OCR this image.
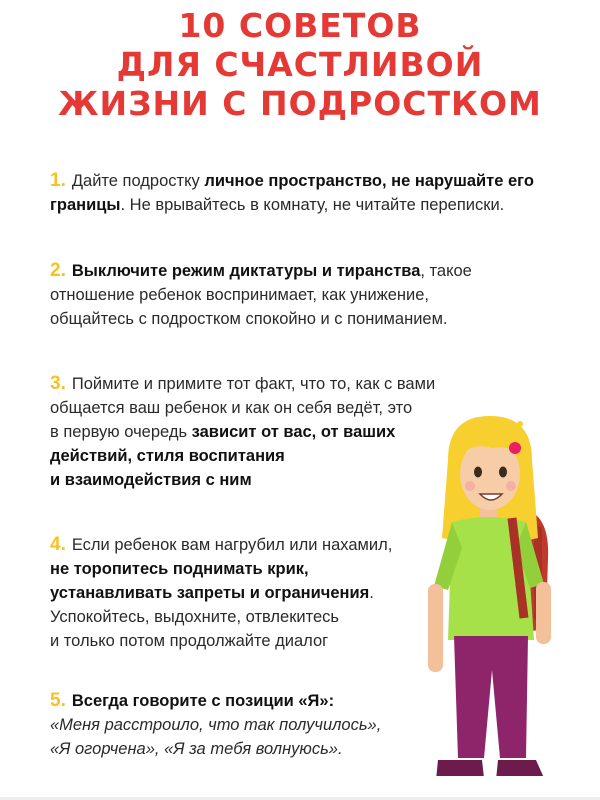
10 СОВЕТОВ
ДЛЯ СЧАСТЛИВОЙ
ЖИЗНИ С ПОДРОСТКОМ
1. Дайте подростку личное пространство, не нарушайте его
границы. Не врывайтесь в комнату, не читайте переписки.
2. Выключите режим диктатуры и тиранства, такое
отношение ребенок воспринимает, как унижение,
общайтесь с подростком спокойно и с пониманием.
3. Поймите и примите тот факт, что то, как с вами
общается ваш ребенок и как он себя ведёт, это
в первую очередь зависит от вас, от ваших
действий, стиля воспитания
и взаимодействия с ним
4. Если ребенок вам нагрубил или нахамил,
не торопитесь поднимать крик,
устанавливать запреты и ограничения.
Успокойтесь, выдохните, отвлекитесь
и только потом продолжайте диалог
5. Всегда говорите с позиции «Я»:
«Меня расстроило, что так получилось»,
«Я огорчена», «Я за тебя волнуюсь».
